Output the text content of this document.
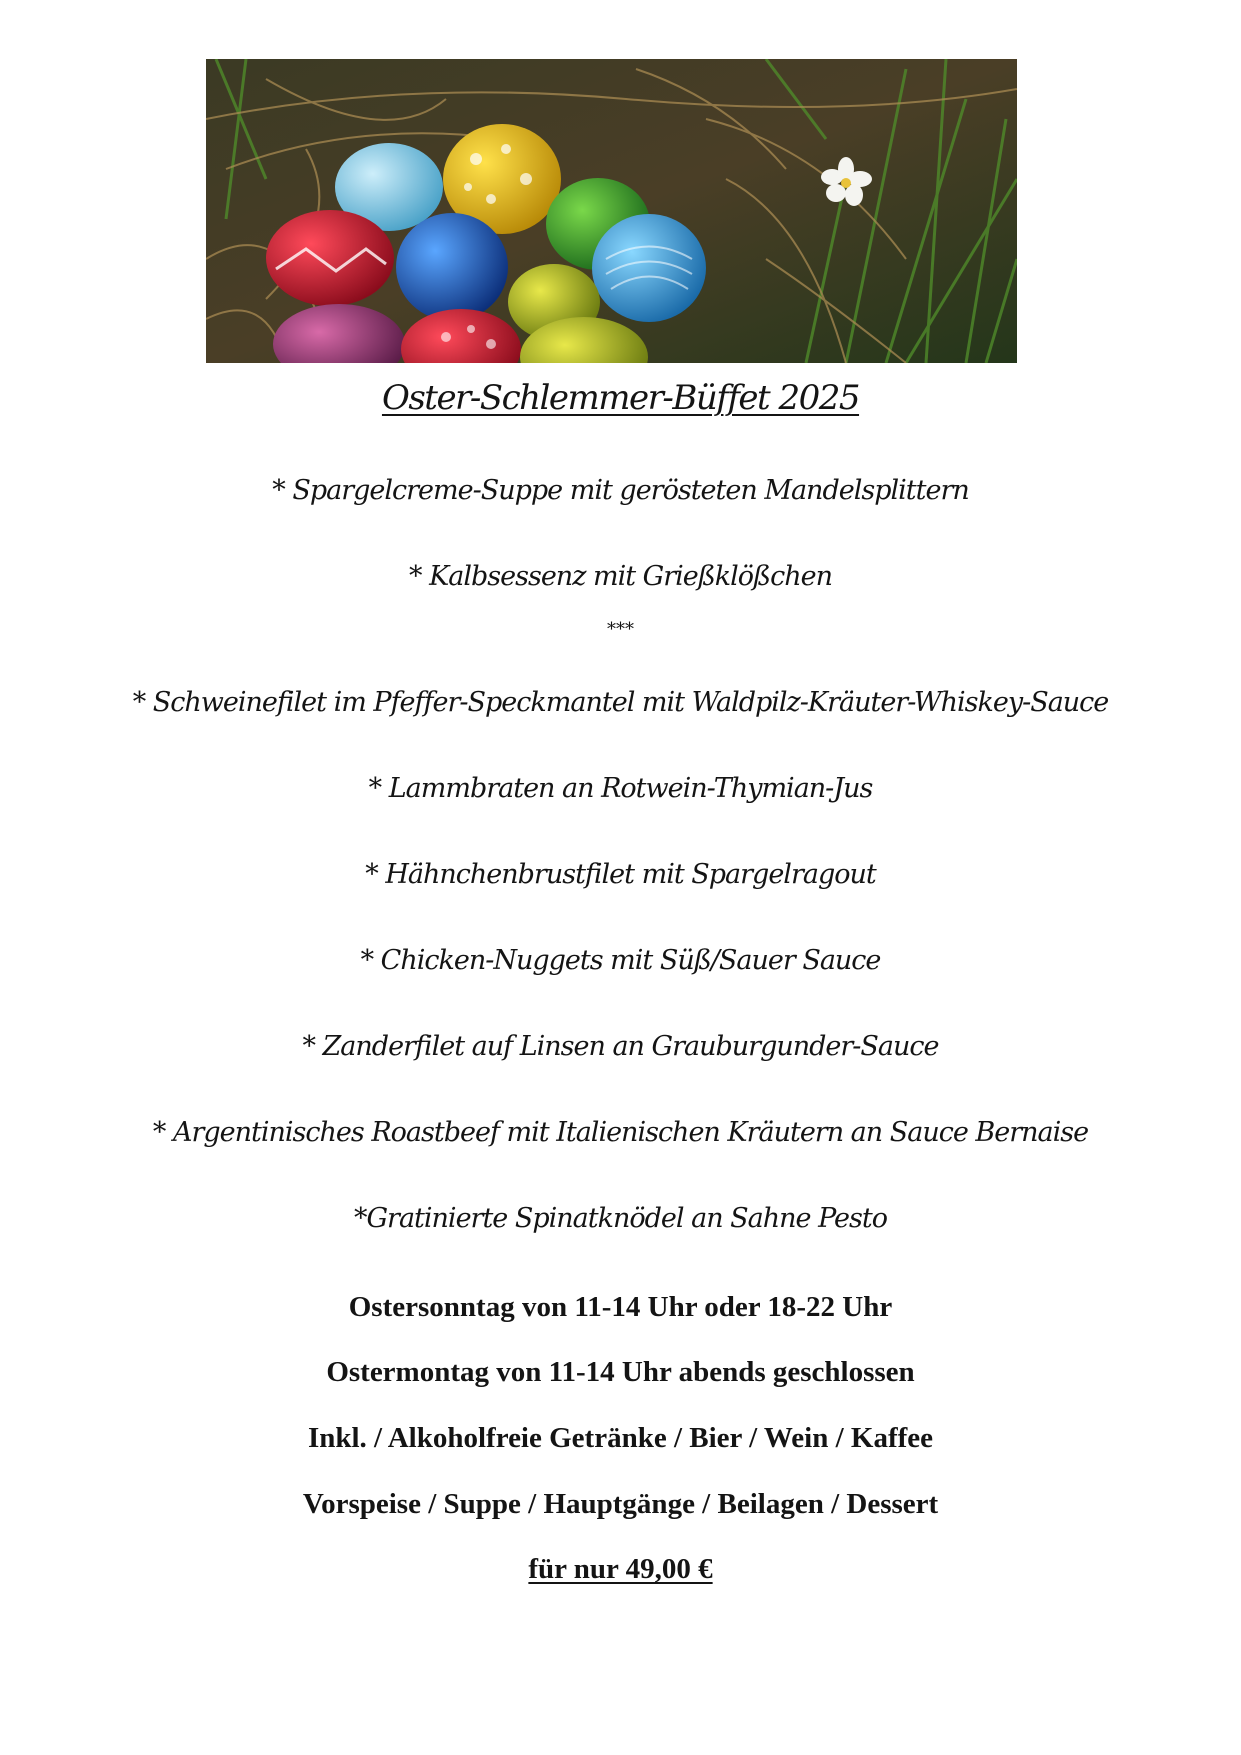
Oster-Schlemmer-Büffet 2025
* Spargelcreme-Suppe mit gerösteten Mandelsplittern
* Kalbsessenz mit Grießklößchen
***
* Schweinefilet im Pfeffer-Speckmantel mit Waldpilz-Kräuter-Whiskey-Sauce
* Lammbraten an Rotwein-Thymian-Jus
* Hähnchenbrustfilet mit Spargelragout
* Chicken-Nuggets mit Süß/Sauer Sauce
* Zanderfilet auf Linsen an Grauburgunder-Sauce
* Argentinisches Roastbeef mit Italienischen Kräutern an Sauce Bernaise
*Gratinierte Spinatknödel an Sahne Pesto
Ostersonntag von 11-14 Uhr oder 18-22 Uhr
Ostermontag von 11-14 Uhr abends geschlossen
Inkl. / Alkoholfreie Getränke / Bier / Wein / Kaffee
Vorspeise / Suppe / Hauptgänge / Beilagen / Dessert
für nur 49,00 €
